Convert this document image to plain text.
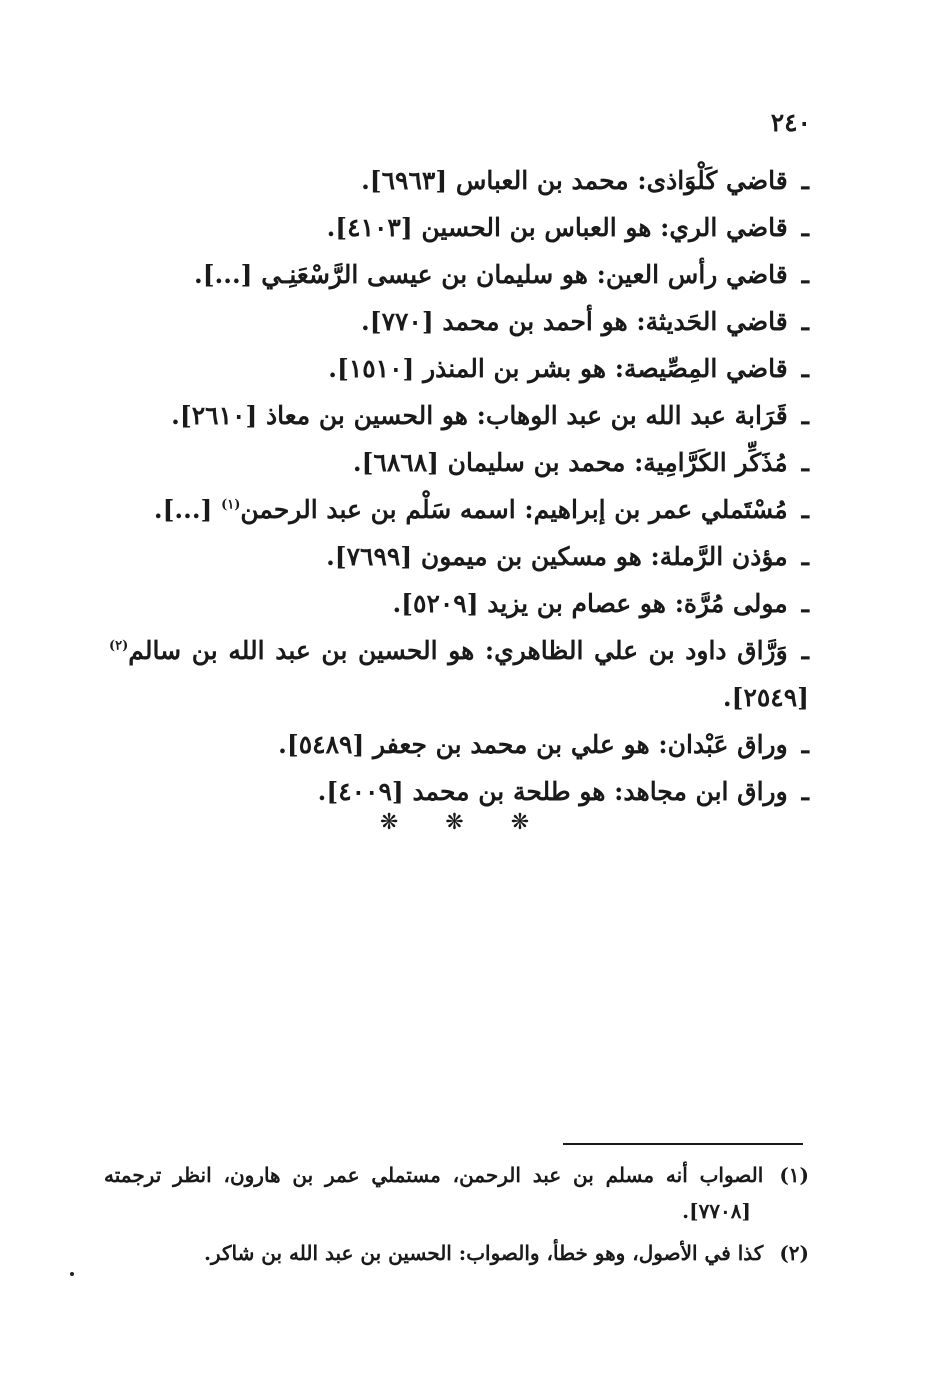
٢٤٠
ـقاضي كَلْوَاذى: محمد بن العباس [٦٩٦٣].
ـقاضي الري: هو العباس بن الحسين [٤١٠٣].
ـقاضي رأس العين: هو سليمان بن عيسى الرَّسْعَنِـي [...].
ـقاضي الحَديثة: هو أحمد بن محمد [٧٧٠].
ـقاضي المِصِّيصة: هو بشر بن المنذر [١٥١٠].
ـقَرَابة عبد الله بن عبد الوهاب: هو الحسين بن معاذ [٢٦١٠].
ـمُذَكِّر الكَرَّامِية: محمد بن سليمان [٦٨٦٨].
ـمُسْتَملي عمر بن إبراهيم: اسمه سَلْم بن عبد الرحمن$^{(١)}$ [...].
ـمؤذن الرَّملة: هو مسكين بن ميمون [٧٦٩٩].
ـمولى مُرَّة: هو عصام بن يزيد [٥٢٠٩].
ـوَرَّاق داود بن علي الظاهري: هو الحسين بن عبد الله بن سالم$^{(٢)}$
[٢٥٤٩].
ـوراق عَبْدان: هو علي بن محمد بن جعفر [٥٤٨٩].
ـوراق ابن مجاهد: هو طلحة بن محمد [٤٠٠٩].
❋ ❋ ❋
(١)الصواب أنه مسلم بن عبد الرحمن، مستملي عمر بن هارون، انظر ترجمته
[٧٧٠٨].
(٢)كذا في الأصول، وهو خطأ، والصواب: الحسين بن عبد الله بن شاكر.
